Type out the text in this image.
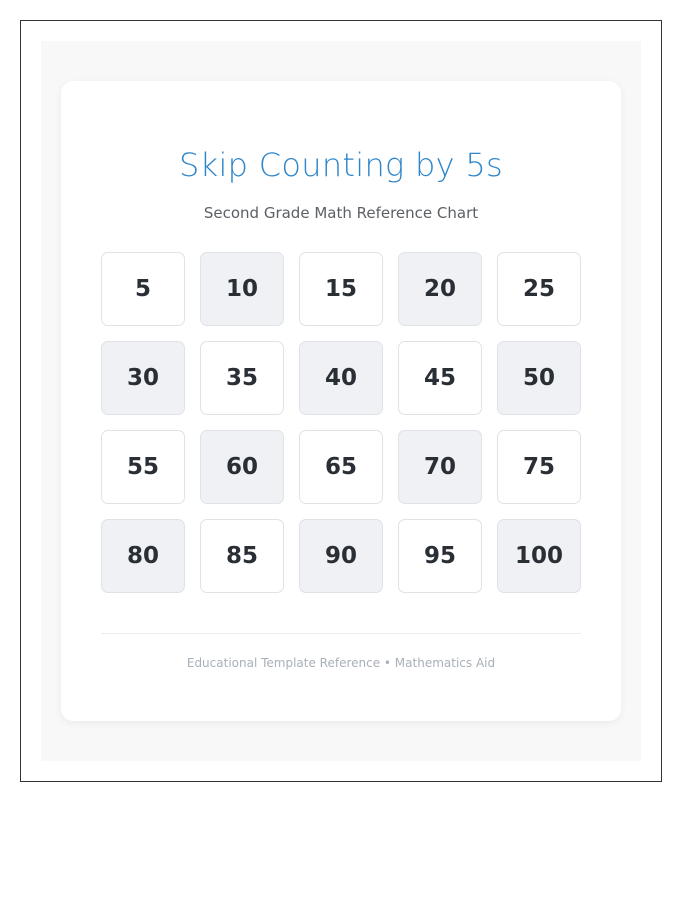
Skip Counting by 5s
Second Grade Math Reference Chart
5	10	15	20	25
30	35	40	45	50
55	60	65	70	75
80	85	90	95	100
Educational Template Reference • Mathematics Aid
